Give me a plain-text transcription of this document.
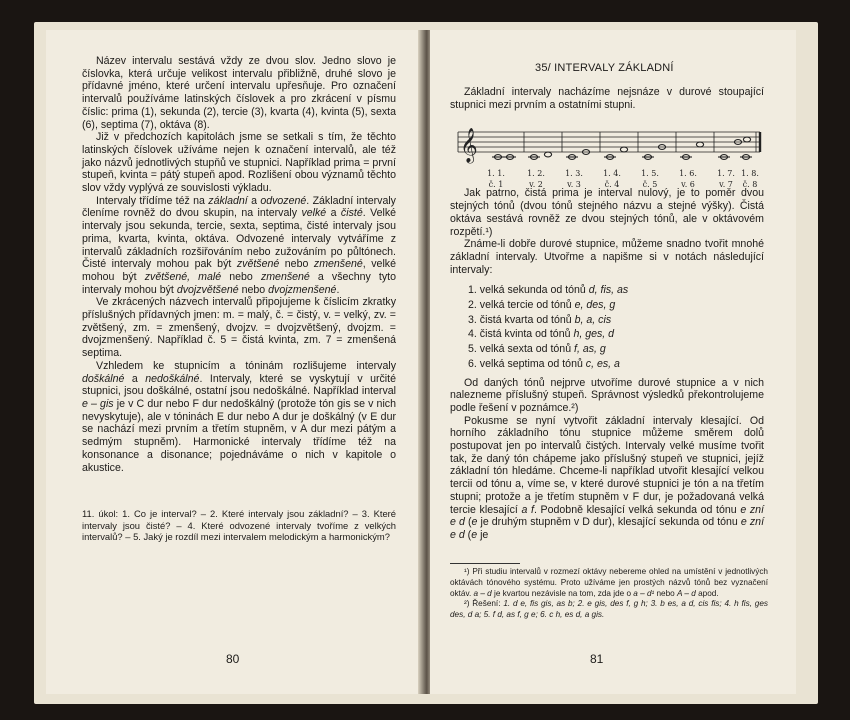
Název intervalu sestává vždy ze dvou slov. Jedno slovo je číslovka, která určuje velikost intervalu přibližně, druhé slovo je přídavné jméno, které určení intervalu upřesňuje. Pro označení intervalů používáme latinských číslovek a pro zkrácení v písmu číslic: prima (1), sekunda (2), tercie (3), kvarta (4), kvinta (5), sexta (6), septima (7), oktáva (8).

Již v předchozích kapitolách jsme se setkali s tím, že těchto latinských číslovek užíváme nejen k označení intervalů, ale též jako názvů jednotlivých stupňů ve stupnici. Například prima = první stupeň, kvinta = pátý stupeň apod. Rozlišení obou významů těchto slov vždy vyplývá ze souvislosti výkladu.

Intervaly třídíme též na základní a odvozené. Základní intervaly členíme rovněž do dvou skupin, na intervaly velké a čisté. Velké intervaly jsou sekunda, tercie, sexta, septima, čisté intervaly jsou prima, kvarta, kvinta, oktáva. Odvozené intervaly vytváříme z intervalů základních rozšiřováním nebo zužováním po půltónech. Čisté intervaly mohou pak být zvětšené nebo zmenšené, velké mohou být zvětšené, malé nebo zmenšené a všechny tyto intervaly mohou být dvojzvětšené nebo dvojzmenšené.

Ve zkrácených názvech intervalů připojujeme k číslicím zkratky příslušných přídavných jmen: m. = malý, č. = čistý, v. = velký, zv. = zvětšený, zm. = zmenšený, dvojzv. = dvojzvětšený, dvojzm. = dvojzmenšený. Například č. 5 = čistá kvinta, zm. 7 = zmenšená septima.

Vzhledem ke stupnicím a tóninám rozlišujeme intervaly doškálné a nedoškálné. Intervaly, které se vyskytují v určité stupnici, jsou doškálné, ostatní jsou nedoškálné. Například interval e – gis je v C dur nebo F dur nedoškálný (protože tón gis se v nich nevyskytuje), ale v tóninách E dur nebo A dur je doškálný (v E dur se nachází mezi prvním a třetím stupněm, v A dur mezi pátým a sedmým stupněm). Harmonické intervaly třídíme též na konsonance a disonance; pojednáváme o nich v kapitole o akustice.

11. úkol: 1. Co je interval? – 2. Které intervaly jsou základní? – 3. Které intervaly jsou čisté? – 4. Které odvozené intervaly tvoříme z velkých intervalů? – 5. Jaký je rozdíl mezi intervalem melodickým a harmonickým?
80
35/ INTERVALY ZÁKLADNÍ
𝄞
1. 1.	1. 2.	1. 3.	1. 4.	1. 5.	1. 6.	1. 7. 1. 8.
č. 1	v. 2	v. 3	č. 4	č. 5	v. 6	v. 7 č. 8

Základní intervaly nacházíme nejsnáze v durové stoupající stupnici mezi prvním a ostatními stupni.

Jak patrno, čistá prima je interval nulový, je to poměr dvou stejných tónů (dvou tónů stejného názvu a stejné výšky). Čistá oktáva sestává rovněž ze dvou stejných tónů, ale v oktávovém rozpětí.¹)

Známe-li dobře durové stupnice, můžeme snadno tvořit mnohé základní intervaly. Utvořme a napišme si v notách následující intervaly:

1. velká sekunda od tónů d, fis, as

2. velká tercie od tónů e, des, g

3. čistá kvarta od tónů b, a, cis

4. čistá kvinta od tónů h, ges, d

5. velká sexta od tónů f, as, g

6. velká septima od tónů c, es, a

Od daných tónů nejprve utvoříme durové stupnice a v nich nalezneme příslušný stupeň. Správnost výsledků překontrolujeme podle řešení v poznámce.²)

Pokusme se nyní vytvořit základní intervaly klesající. Od horního základního tónu stupnice můžeme směrem dolů postupovat jen po intervalů čistých. Intervaly velké musíme tvořit tak, že daný tón chápeme jako příslušný stupeň ve stupnici, jejíž základní tón hledáme. Chceme-li například utvořit klesající velkou tercii od tónu a, víme se, v které durové stupnici je tón a na třetím stupni; protože a je třetím stupněm v F dur, je požadovaná velká tercie klesající a f. Podobně klesající velká sekunda od tónu e zní e d (e je druhým stupněm v D dur), klesající sekunda od tónu e zní e d (e je

¹) Při studiu intervalů v rozmezí oktávy nebereme ohled na umístění v jednotlivých oktávách tónového systému. Proto užíváme jen prostých názvů tónů bez vyznačení oktáv. a – d je kvartou nezávisle na tom, zda jde o a – d¹ nebo A – d apod.

²) Řešení: 1. d e, fis gis, as b; 2. e gis, des f, g h; 3. b es, a d, cis fis; 4. h fis, ges des, d a; 5. f d, as f, g e; 6. c h, es d, a gis.

81
